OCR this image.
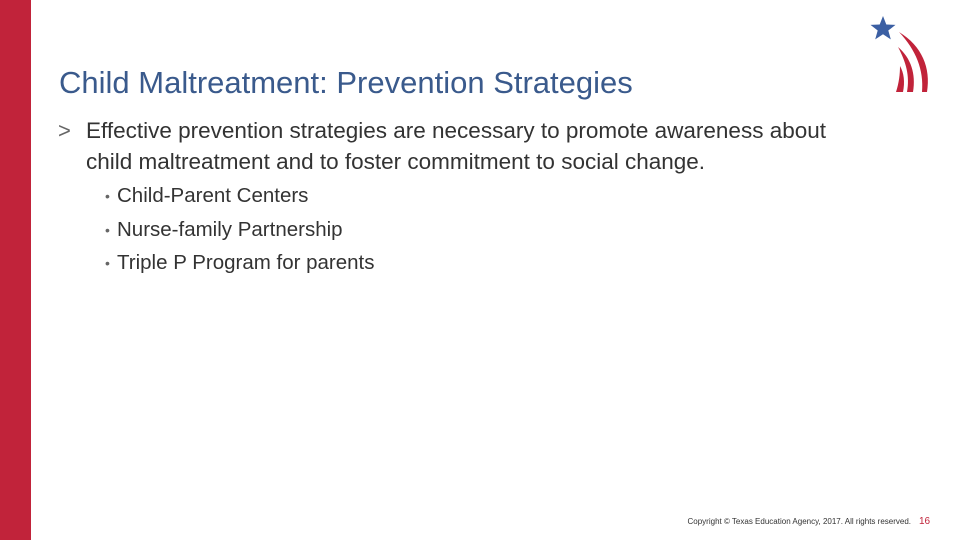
Child Maltreatment: Prevention Strategies
> Effective prevention strategies are necessary to promote awareness about child maltreatment and to foster commitment to social change.
• Child-Parent Centers
• Nurse-family Partnership
• Triple P Program for parents
Copyright © Texas Education Agency, 2017. All rights reserved. 16
